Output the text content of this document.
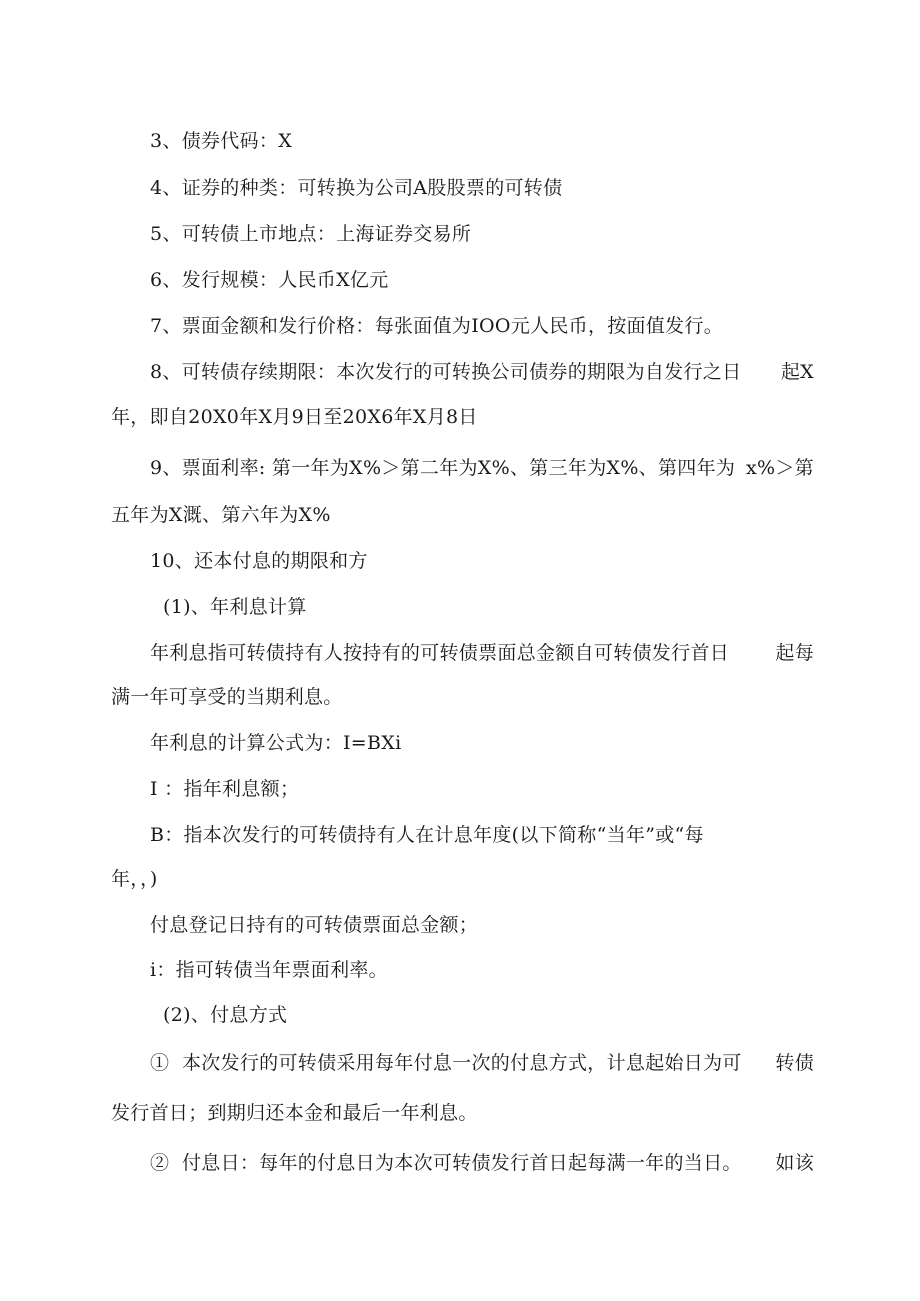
3、债券代码：X

4、证券的种类：可转换为公司A股股票的可转债

5、可转债上市地点：上海证券交易所

6、发行规模：人民币X亿元

7、票面金额和发行价格：每张面值为IOO元人民币，按面值发行。

8、可转债存续期限：本次发行的可转换公司债券的期限为自发行之日 起X

年，即自20X0年X月9日至20X6年X月8日

9、票面利率: 第一年为X%＞第二年为X%、第三年为X%、第四年为 x%＞第

五年为X溉、第六年为X%

10、还本付息的期限和方

(1)、年利息计算

年利息指可转债持有人按持有的可转债票面总金额自可转债发行首日 起每

满一年可享受的当期利息。

年利息的计算公式为：I=BXi

I ：指年利息额；

B：指本次发行的可转债持有人在计息年度(以下简称“当年”或“每

年，，)

付息登记日持有的可转债票面总金额；

i：指可转债当年票面利率。

(2)、付息方式

①  本次发行的可转债采用每年付息一次的付息方式，计息起始日为可 转债

发行首日；到期归还本金和最后一年利息。

②  付息日：每年的付息日为本次可转债发行首日起每满一年的当日。 如该
